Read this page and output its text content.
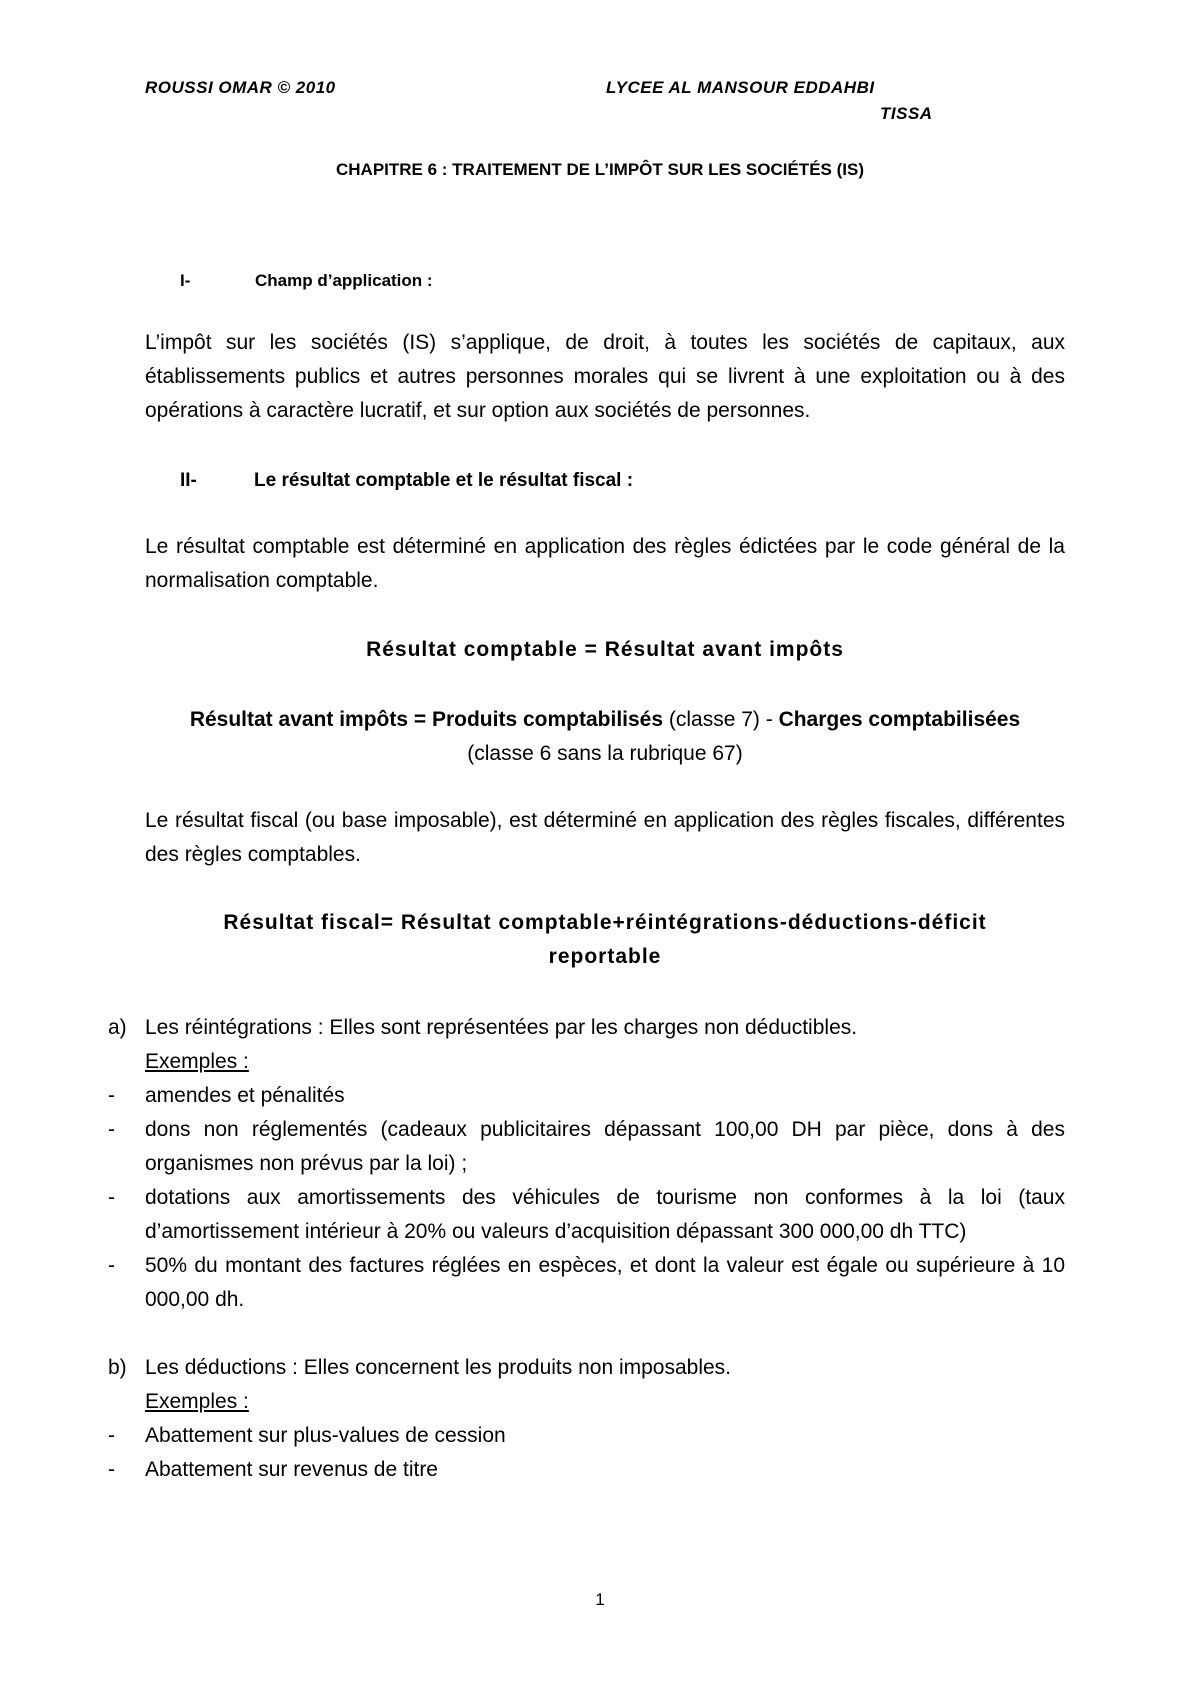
ROUSSI OMAR © 2010	LYCEE AL MANSOUR EDDAHBI
TISSA
CHAPITRE 6 : TRAITEMENT DE L’IMPÔT SUR LES SOCIÉTÉS (IS)
I-	Champ d’application :
L’impôt sur les sociétés (IS) s’applique, de droit, à toutes les sociétés de capitaux, aux établissements publics et autres personnes morales qui se livrent à une exploitation ou à des opérations à caractère lucratif, et sur option aux sociétés de personnes.
II-	Le résultat comptable et le résultat fiscal :
Le résultat comptable est déterminé en application des règles édictées par le code général de la normalisation comptable.
Résultat comptable = Résultat avant impôts
Résultat avant impôts = Produits comptabilisés (classe 7) - Charges comptabilisées
(classe 6 sans la rubrique 67)
Le résultat fiscal (ou base imposable), est déterminé en application des règles fiscales, différentes des règles comptables.
Résultat fiscal= Résultat comptable+réintégrations-déductions-déficit
reportable
a) Les réintégrations : Elles sont représentées par les charges non déductibles.
Exemples :
- amendes et pénalités
- dons non réglementés (cadeaux publicitaires dépassant 100,00 DH par pièce, dons à des organismes non prévus par la loi) ;
- dotations aux amortissements des véhicules de tourisme non conformes à la loi (taux d’amortissement intérieur à 20% ou valeurs d’acquisition dépassant 300 000,00 dh TTC)
- 50% du montant des factures réglées en espèces, et dont la valeur est égale ou supérieure à 10 000,00 dh.
b) Les déductions : Elles concernent les produits non imposables.
Exemples :
- Abattement sur plus-values de cession
- Abattement sur revenus de titre
1
